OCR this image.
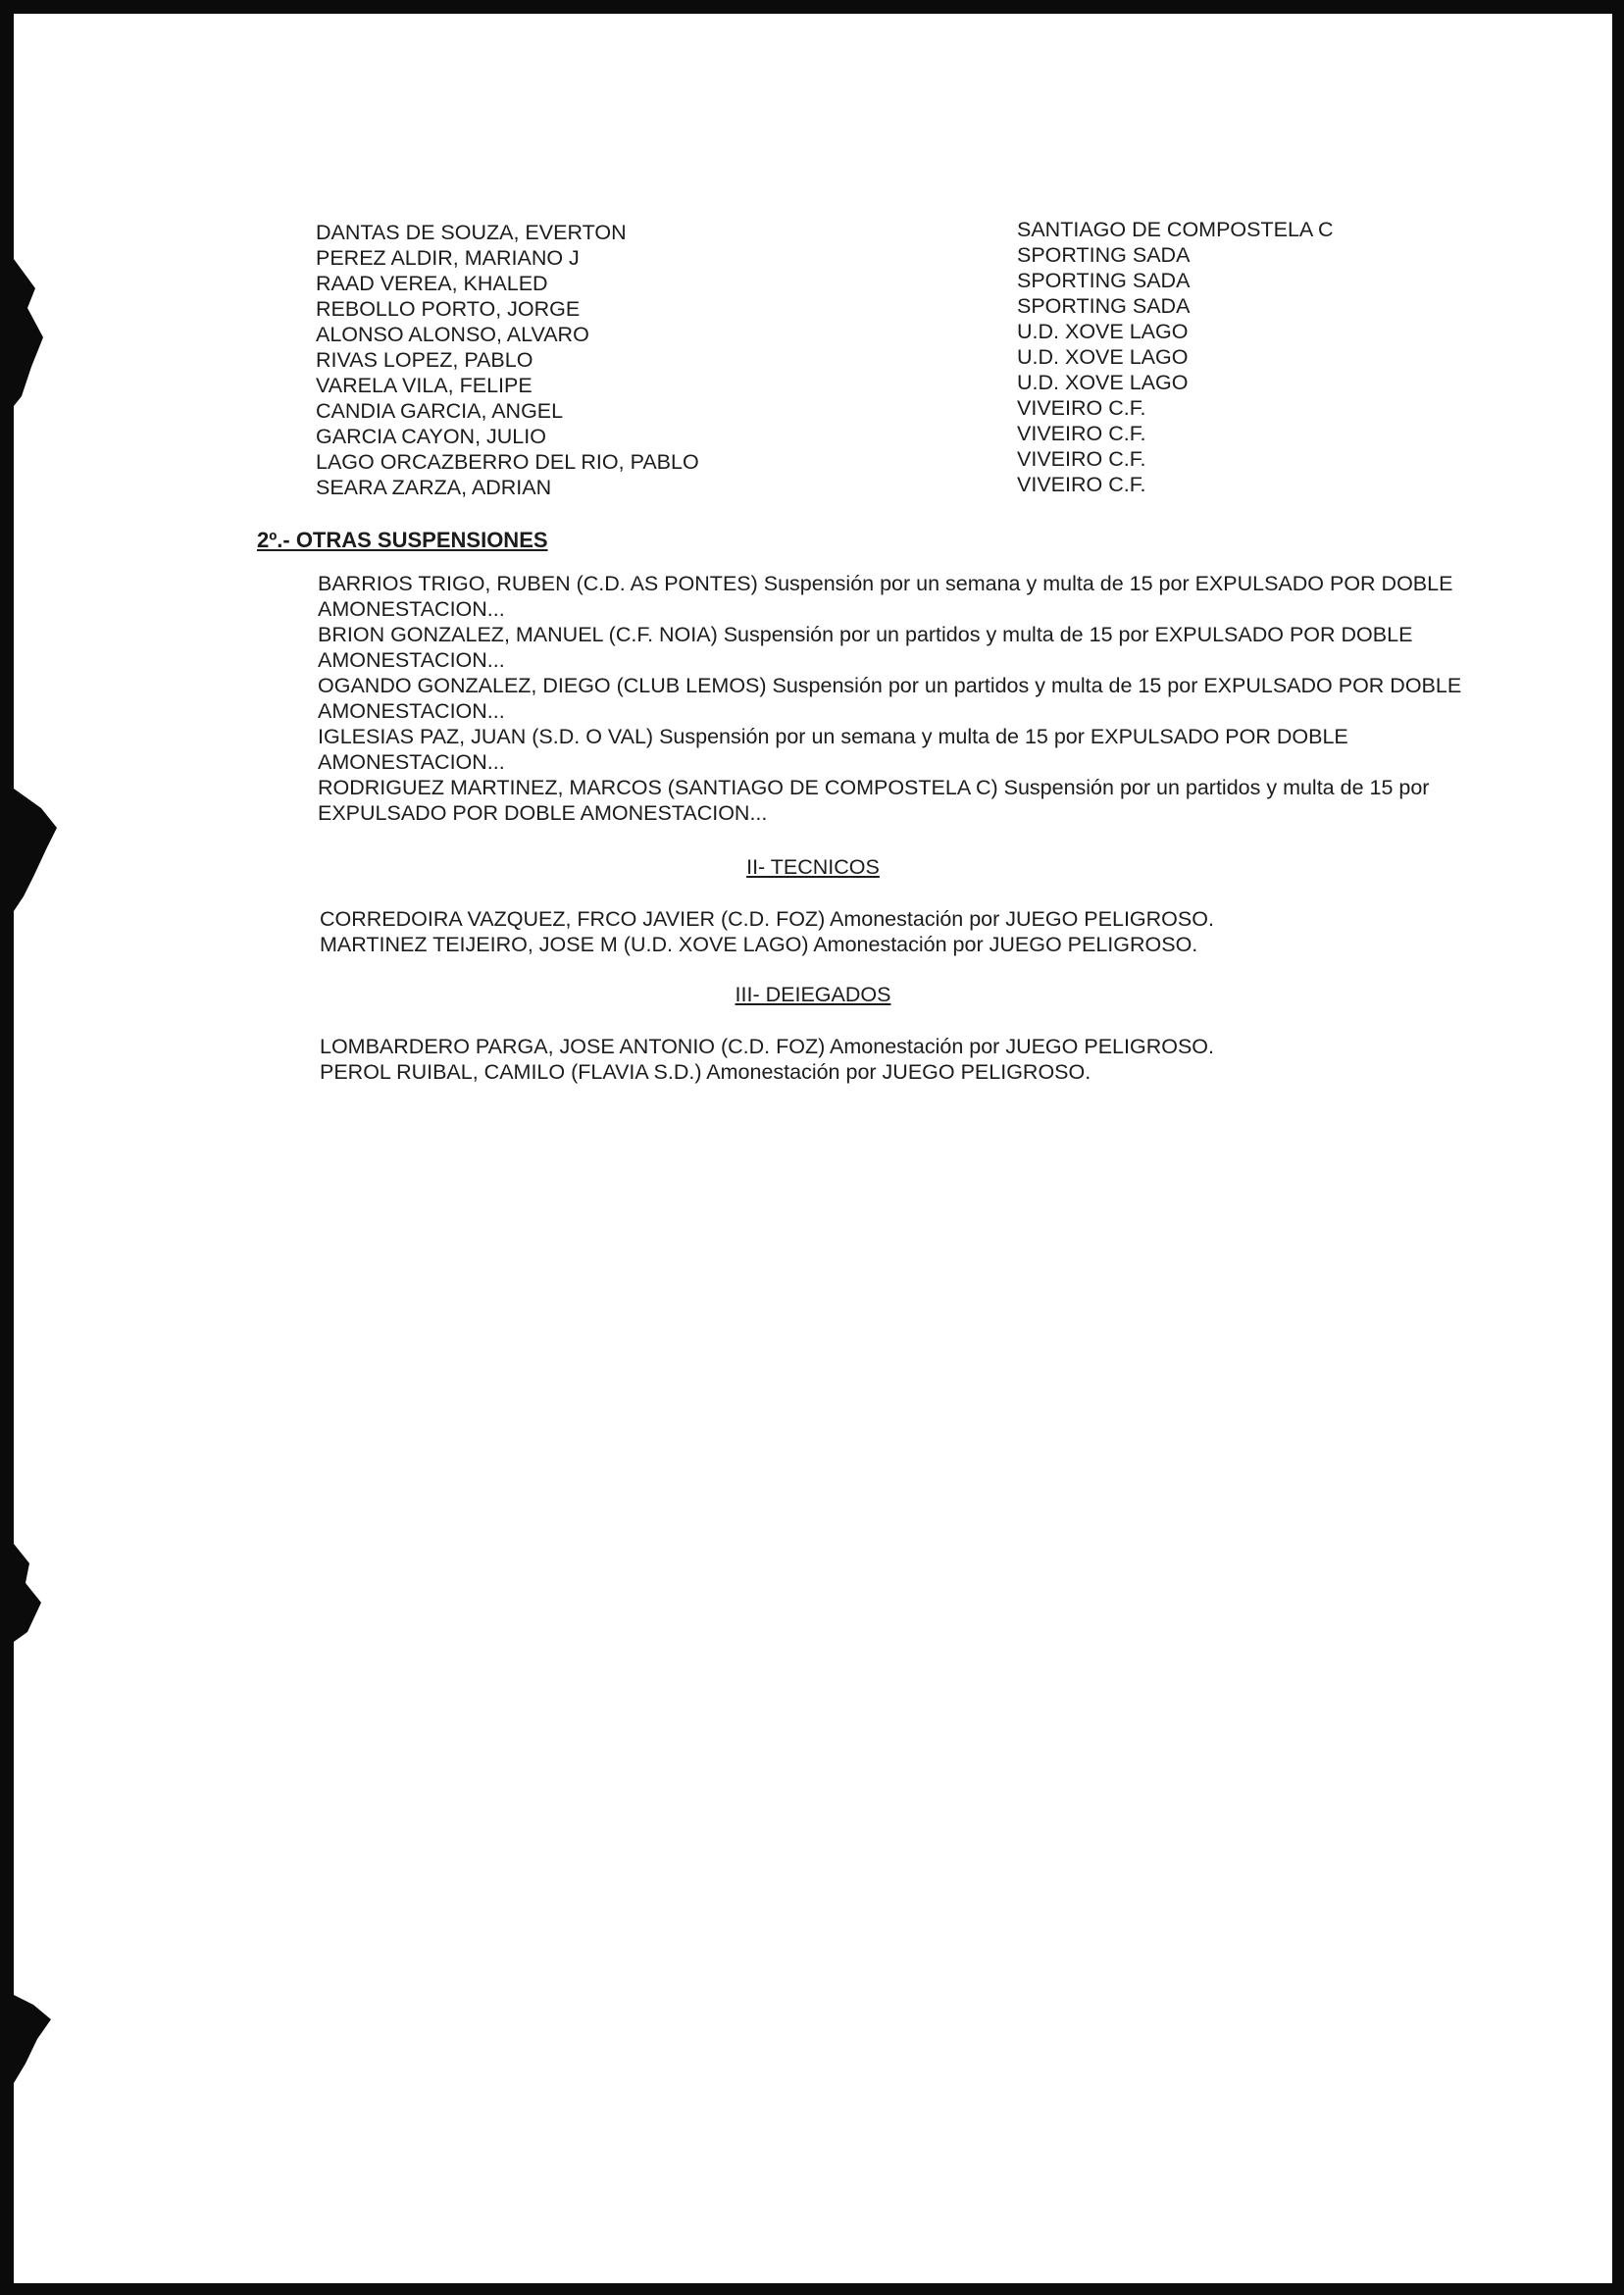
DANTAS DE SOUZA, EVERTON	SANTIAGO DE COMPOSTELA C
PEREZ ALDIR, MARIANO J	SPORTING SADA
RAAD VEREA, KHALED	SPORTING SADA
REBOLLO PORTO, JORGE	SPORTING SADA
ALONSO ALONSO, ALVARO	U.D. XOVE LAGO
RIVAS LOPEZ, PABLO	U.D. XOVE LAGO
VARELA VILA, FELIPE	U.D. XOVE LAGO
CANDIA GARCIA, ANGEL	VIVEIRO C.F.
GARCIA CAYON, JULIO	VIVEIRO C.F.
LAGO ORCAZBERRO DEL RIO, PABLO	VIVEIRO C.F.
SEARA ZARZA, ADRIAN	VIVEIRO C.F.
2º.- OTRAS SUSPENSIONES
BARRIOS TRIGO, RUBEN (C.D. AS PONTES) Suspensión por un semana y multa de 15 por EXPULSADO POR DOBLE AMONESTACION...
BRION GONZALEZ, MANUEL (C.F. NOIA) Suspensión por un partidos y multa de 15 por EXPULSADO POR DOBLE AMONESTACION...
OGANDO GONZALEZ, DIEGO (CLUB LEMOS) Suspensión por un partidos y multa de 15 por EXPULSADO POR DOBLE AMONESTACION...
IGLESIAS PAZ, JUAN (S.D. O VAL) Suspensión por un semana y multa de 15 por EXPULSADO POR DOBLE AMONESTACION...
RODRIGUEZ MARTINEZ, MARCOS (SANTIAGO DE COMPOSTELA C) Suspensión por un partidos y multa de 15 por EXPULSADO POR DOBLE AMONESTACION...
II- TECNICOS
CORREDOIRA VAZQUEZ, FRCO JAVIER (C.D. FOZ) Amonestación por JUEGO PELIGROSO.
MARTINEZ TEIJEIRO, JOSE M (U.D. XOVE LAGO) Amonestación por JUEGO PELIGROSO.
III- DEIEGADOS
LOMBARDERO PARGA, JOSE ANTONIO (C.D. FOZ) Amonestación por JUEGO PELIGROSO.
PEROL RUIBAL, CAMILO (FLAVIA S.D.) Amonestación por JUEGO PELIGROSO.
